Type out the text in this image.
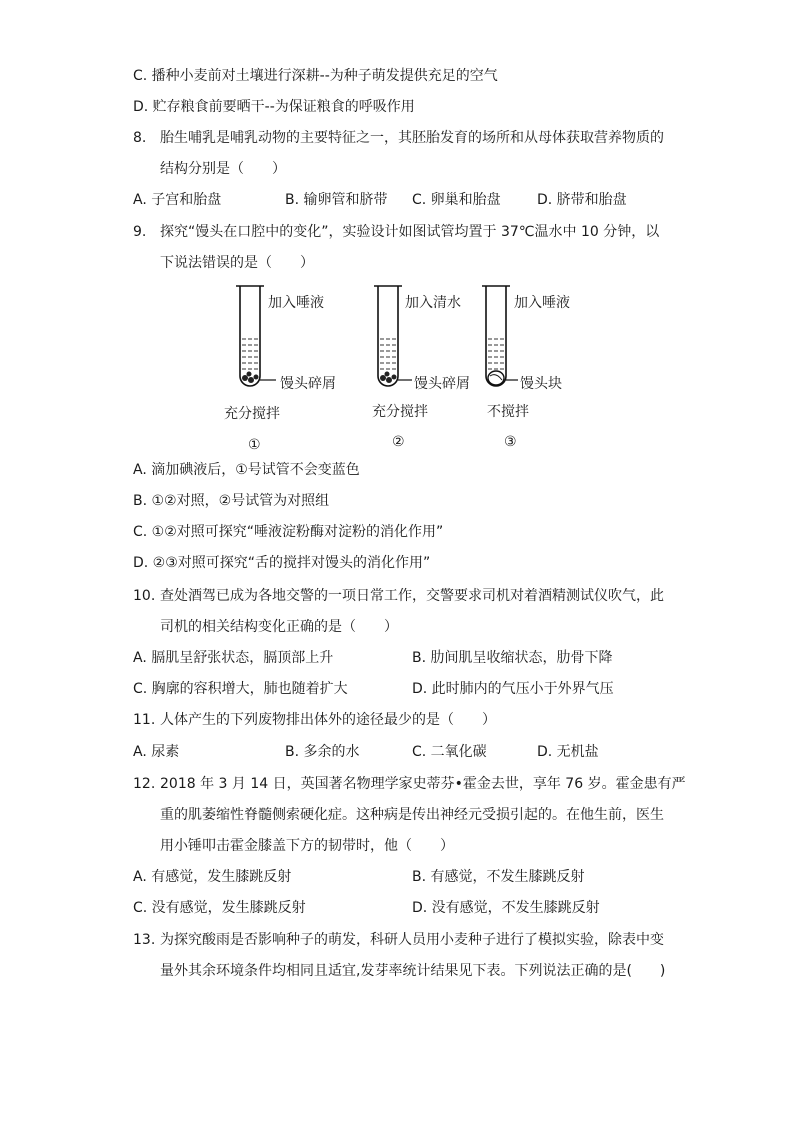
C. 播种小麦前对土壤进行深耕--为种子萌发提供充足的空气
D. 贮存粮食前要晒干--为保证粮食的呼吸作用
8. 胎生哺乳是哺乳动物的主要特征之一，其胚胎发育的场所和从母体获取营养物质的
结构分别是（　　）
A. 子宫和胎盘	B. 输卵管和脐带 C. 卵巢和胎盘	D. 脐带和胎盘
9. 探究“馒头在口腔中的变化”，实验设计如图试管均置于 37℃温水中 10 分钟，以
下说法错误的是（　　）
加入唾液
馒头碎屑
充分搅拌
①
加入清水
馒头碎屑
充分搅拌
②
加入唾液
馒头块
不搅拌
③
A. 滴加碘液后，①号试管不会变蓝色
B. ①②对照，②号试管为对照组
C. ①②对照可探究“唾液淀粉酶对淀粉的消化作用”
D. ②③对照可探究“舌的搅拌对馒头的消化作用”
10. 查处酒驾已成为各地交警的一项日常工作，交警要求司机对着酒精测试仪吹气，此
司机的相关结构变化正确的是（　　）
A. 膈肌呈舒张状态，膈顶部上升	B. 肋间肌呈收缩状态，肋骨下降
C. 胸廓的容积增大，肺也随着扩大	D. 此时肺内的气压小于外界气压
11. 人体产生的下列废物排出体外的途径最少的是（　　）
A. 尿素	B. 多余的水	C. 二氧化碳	D. 无机盐
12. 2018 年 3 月 14 日，英国著名物理学家史蒂芬•霍金去世，享年 76 岁。霍金患有严
重的肌萎缩性脊髓侧索硬化症。这种病是传出神经元受损引起的。在他生前，医生
用小锤叩击霍金膝盖下方的韧带时，他（　　）
A. 有感觉，发生膝跳反射	B. 有感觉，不发生膝跳反射
C. 没有感觉，发生膝跳反射	D. 没有感觉，不发生膝跳反射
13. 为探究酸雨是否影响种子的萌发，科研人员用小麦种子进行了模拟实验，除表中变
量外其余环境条件均相同且适宜,发芽率统计结果见下表。下列说法正确的是(　　)
